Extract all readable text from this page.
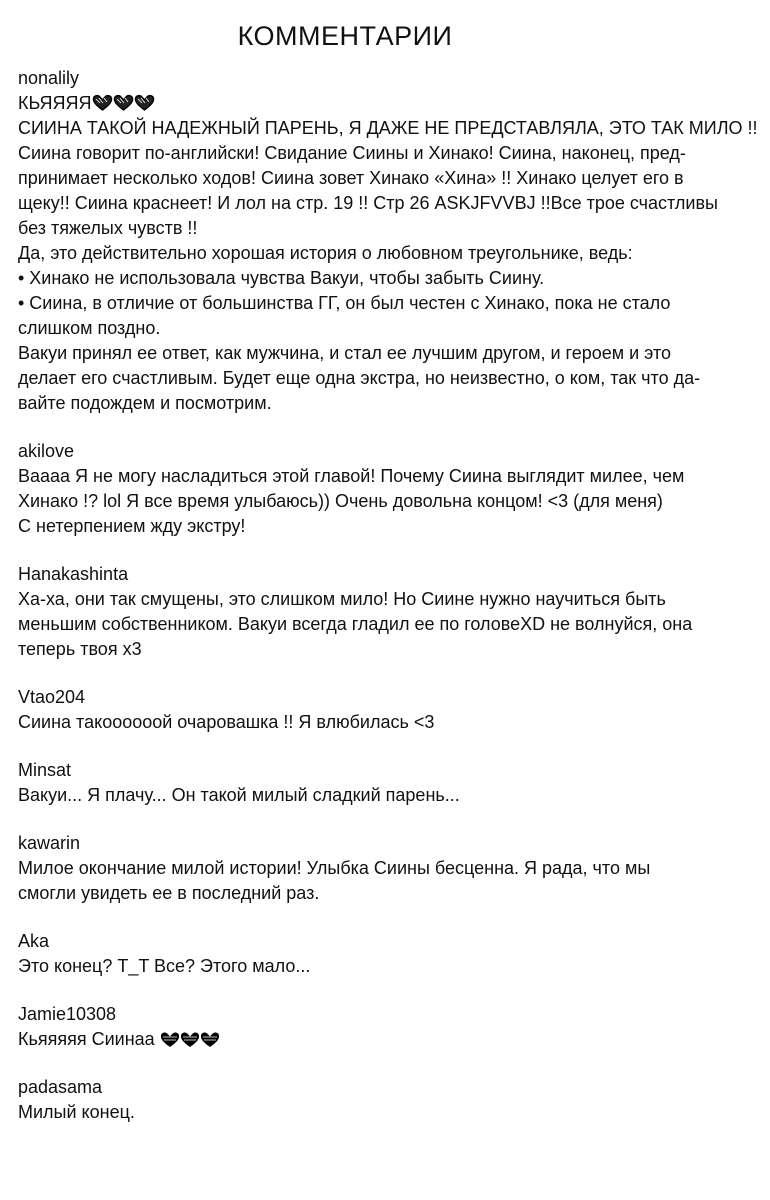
КОММЕНТАРИИ

nonalily

КЬЯЯЯЯ

СИИНА ТАКОЙ НАДЕЖНЫЙ ПАРЕНЬ, Я ДАЖЕ НЕ ПРЕДСТАВЛЯЛА, ЭТО ТАК МИЛО !!

Сиина говорит по-английски! Свидание Сиины и Хинако! Сиина, наконец, пред-

принимает несколько ходов! Сиина зовет Хинако «Хина» !! Хинако целует его в

щеку!! Сиина краснеет! И лол на стр. 19 !! Стр 26 ASKJFVVBJ !!Все трое счастливы

без тяжелых чувств !!

Да, это действительно хорошая история о любовном треугольнике, ведь:

• Хинако не использовала чувства Вакуи, чтобы забыть Сиину.

• Сиина, в отличие от большинства ГГ, он был честен с Хинако, пока не стало

слишком поздно.

Вакуи принял ее ответ, как мужчина, и стал ее лучшим другом, и героем и это

делает его счастливым. Будет еще одна экстра, но неизвестно, о ком, так что да-

вайте подождем и посмотрим.

akilove

Вaaaa Я не могу насладиться этой главой! Почему Сиина выглядит милее, чем

Хинако !? lol Я все время улыбаюсь)) Очень довольна концом! <3 (для меня)

С нетерпением жду экстру!

Hanakashinta

Ха-ха, они так смущены, это слишком мило! Но Сиине нужно научиться быть

меньшим собственником. Вакуи всегда гладил ее по головеXD не волнуйся, она

теперь твоя x3

Vtao204

Сиина такоооооой очаровашка !! Я влюбилась <3

Minsat

Вакуи... Я плачу... Он такой милый сладкий парень...

kawarin

Милое окончание милой истории! Улыбка Сиины бесценна. Я рада, что мы

смогли увидеть ее в последний раз.

Aka

Это конец? T_T Все? Этого мало...

Jamie10308

Кьяяяяя Сиинаа

padasama

Милый конец.
